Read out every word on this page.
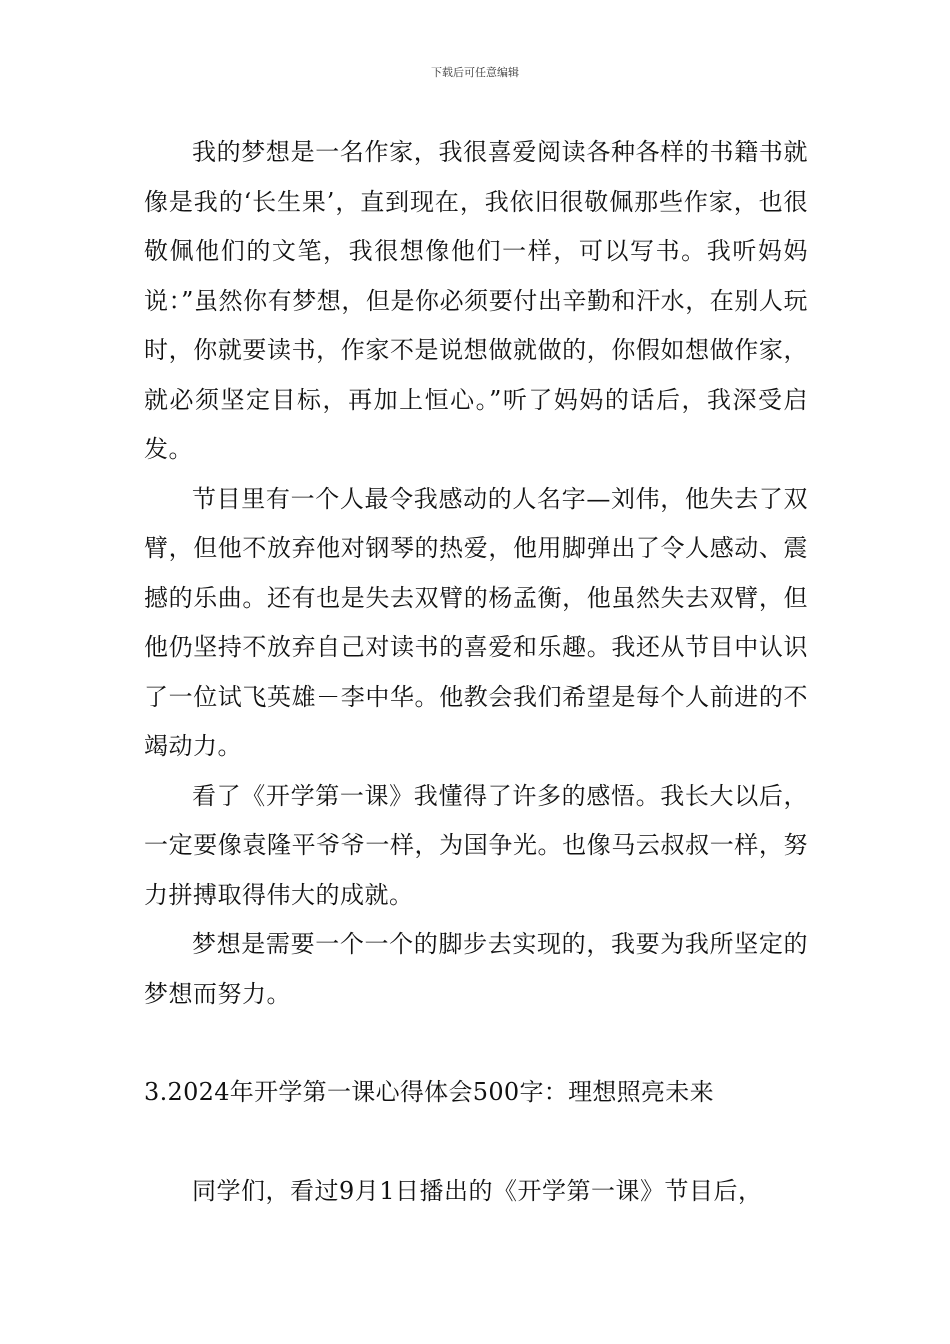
下载后可任意编辑

我的梦想是一名作家，我很喜爱阅读各种各样的书籍书就像是我的‘长生果’，直到现在，我依旧很敬佩那些作家，也很敬佩他们的文笔，我很想像他们一样，可以写书。我听妈妈说：”虽然你有梦想，但是你必须要付出辛勤和汗水，在别人玩时，你就要读书，作家不是说想做就做的，你假如想做作家，就必须坚定目标，再加上恒心。”听了妈妈的话后，我深受启发。

节目里有一个人最令我感动的人名字—刘伟，他失去了双臂，但他不放弃他对钢琴的热爱，他用脚弹出了令人感动、震撼的乐曲。还有也是失去双臂的杨孟衡，他虽然失去双臂，但他仍坚持不放弃自己对读书的喜爱和乐趣。我还从节目中认识了一位试飞英雄－李中华。他教会我们希望是每个人前进的不竭动力。

看了《开学第一课》我懂得了许多的感悟。我长大以后，一定要像袁隆平爷爷一样，为国争光。也像马云叔叔一样，努力拼搏取得伟大的成就。

梦想是需要一个一个的脚步去实现的，我要为我所坚定的梦想而努力。

3.2024年开学第一课心得体会500字：理想照亮未来

同学们，看过9月1日播出的《开学第一课》节目后，
